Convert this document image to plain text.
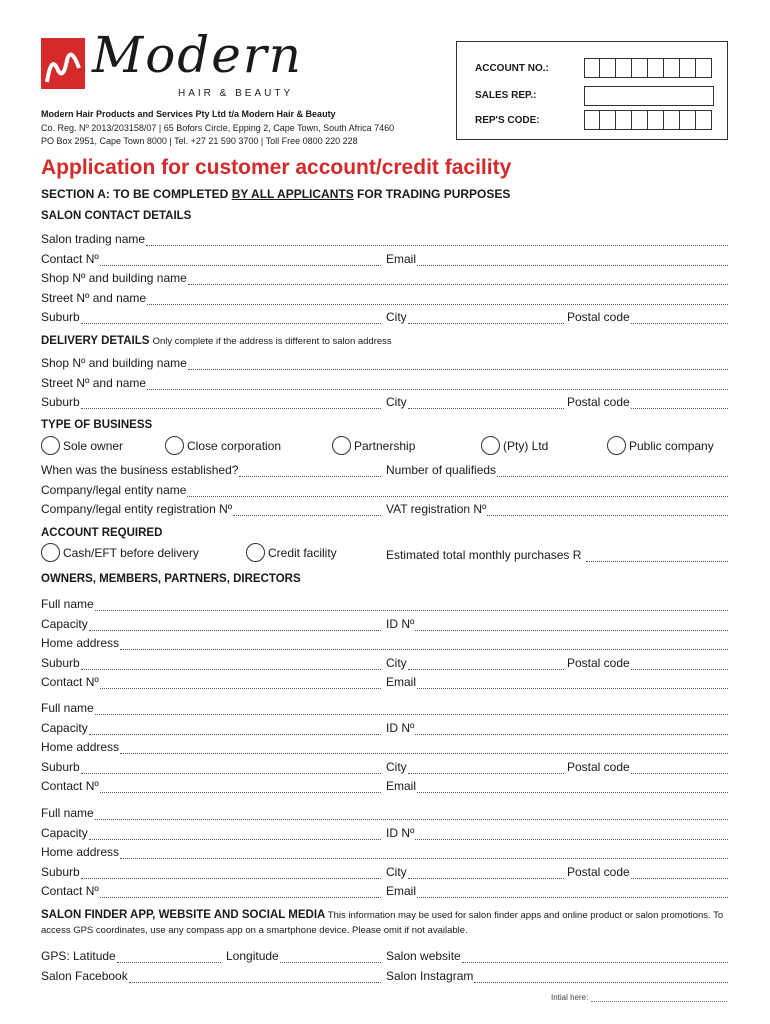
Modern
HAIR & BEAUTY
Modern Hair Products and Services Pty Ltd t/a Modern Hair & Beauty
Co. Reg. Nº 2013/203158/07 | 65 Bofors Circle, Epping 2, Cape Town, South Africa 7460
PO Box 2951, Cape Town 8000 | Tel. +27 21 590 3700 | Toll Free 0800 220 228
ACCOUNT NO.:
SALES REP.:
REP'S CODE:
Application for customer account/credit facility
SECTION A: TO BE COMPLETED BY ALL APPLICANTS FOR TRADING PURPOSES
SALON CONTACT DETAILS
Salon trading name
Contact Nº	Email
Shop Nº and building name
Street Nº and name
Suburb	City	Postal code
DELIVERY DETAILS Only complete if the address is different to salon address
Shop Nº and building name
Street Nº and name
Suburb	City	Postal code
TYPE OF BUSINESS
Sole owner	Close corporation	Partnership	(Pty) Ltd	Public company
When was the business established?	Number of qualifieds
Company/legal entity name
Company/legal entity registration Nº	VAT registration Nº
ACCOUNT REQUIRED
Cash/EFT before delivery	Credit facility	Estimated total monthly purchases R
OWNERS, MEMBERS, PARTNERS, DIRECTORS
Full name
Capacity	ID Nº
Home address
Suburb	City	Postal code
Contact Nº	Email
Full name
Capacity	ID Nº
Home address
Suburb	City	Postal code
Contact Nº	Email
Full name
Capacity	ID Nº
Home address
Suburb	City	Postal code
Contact Nº	Email
SALON FINDER APP, WEBSITE AND SOCIAL MEDIA This information may be used for salon finder apps and online product or salon promotions. To access GPS coordinates, use any compass app on a smartphone device. Please omit if not available.
GPS: Latitude	Longitude	Salon website
Salon Facebook	Salon Instagram
Intial here:
